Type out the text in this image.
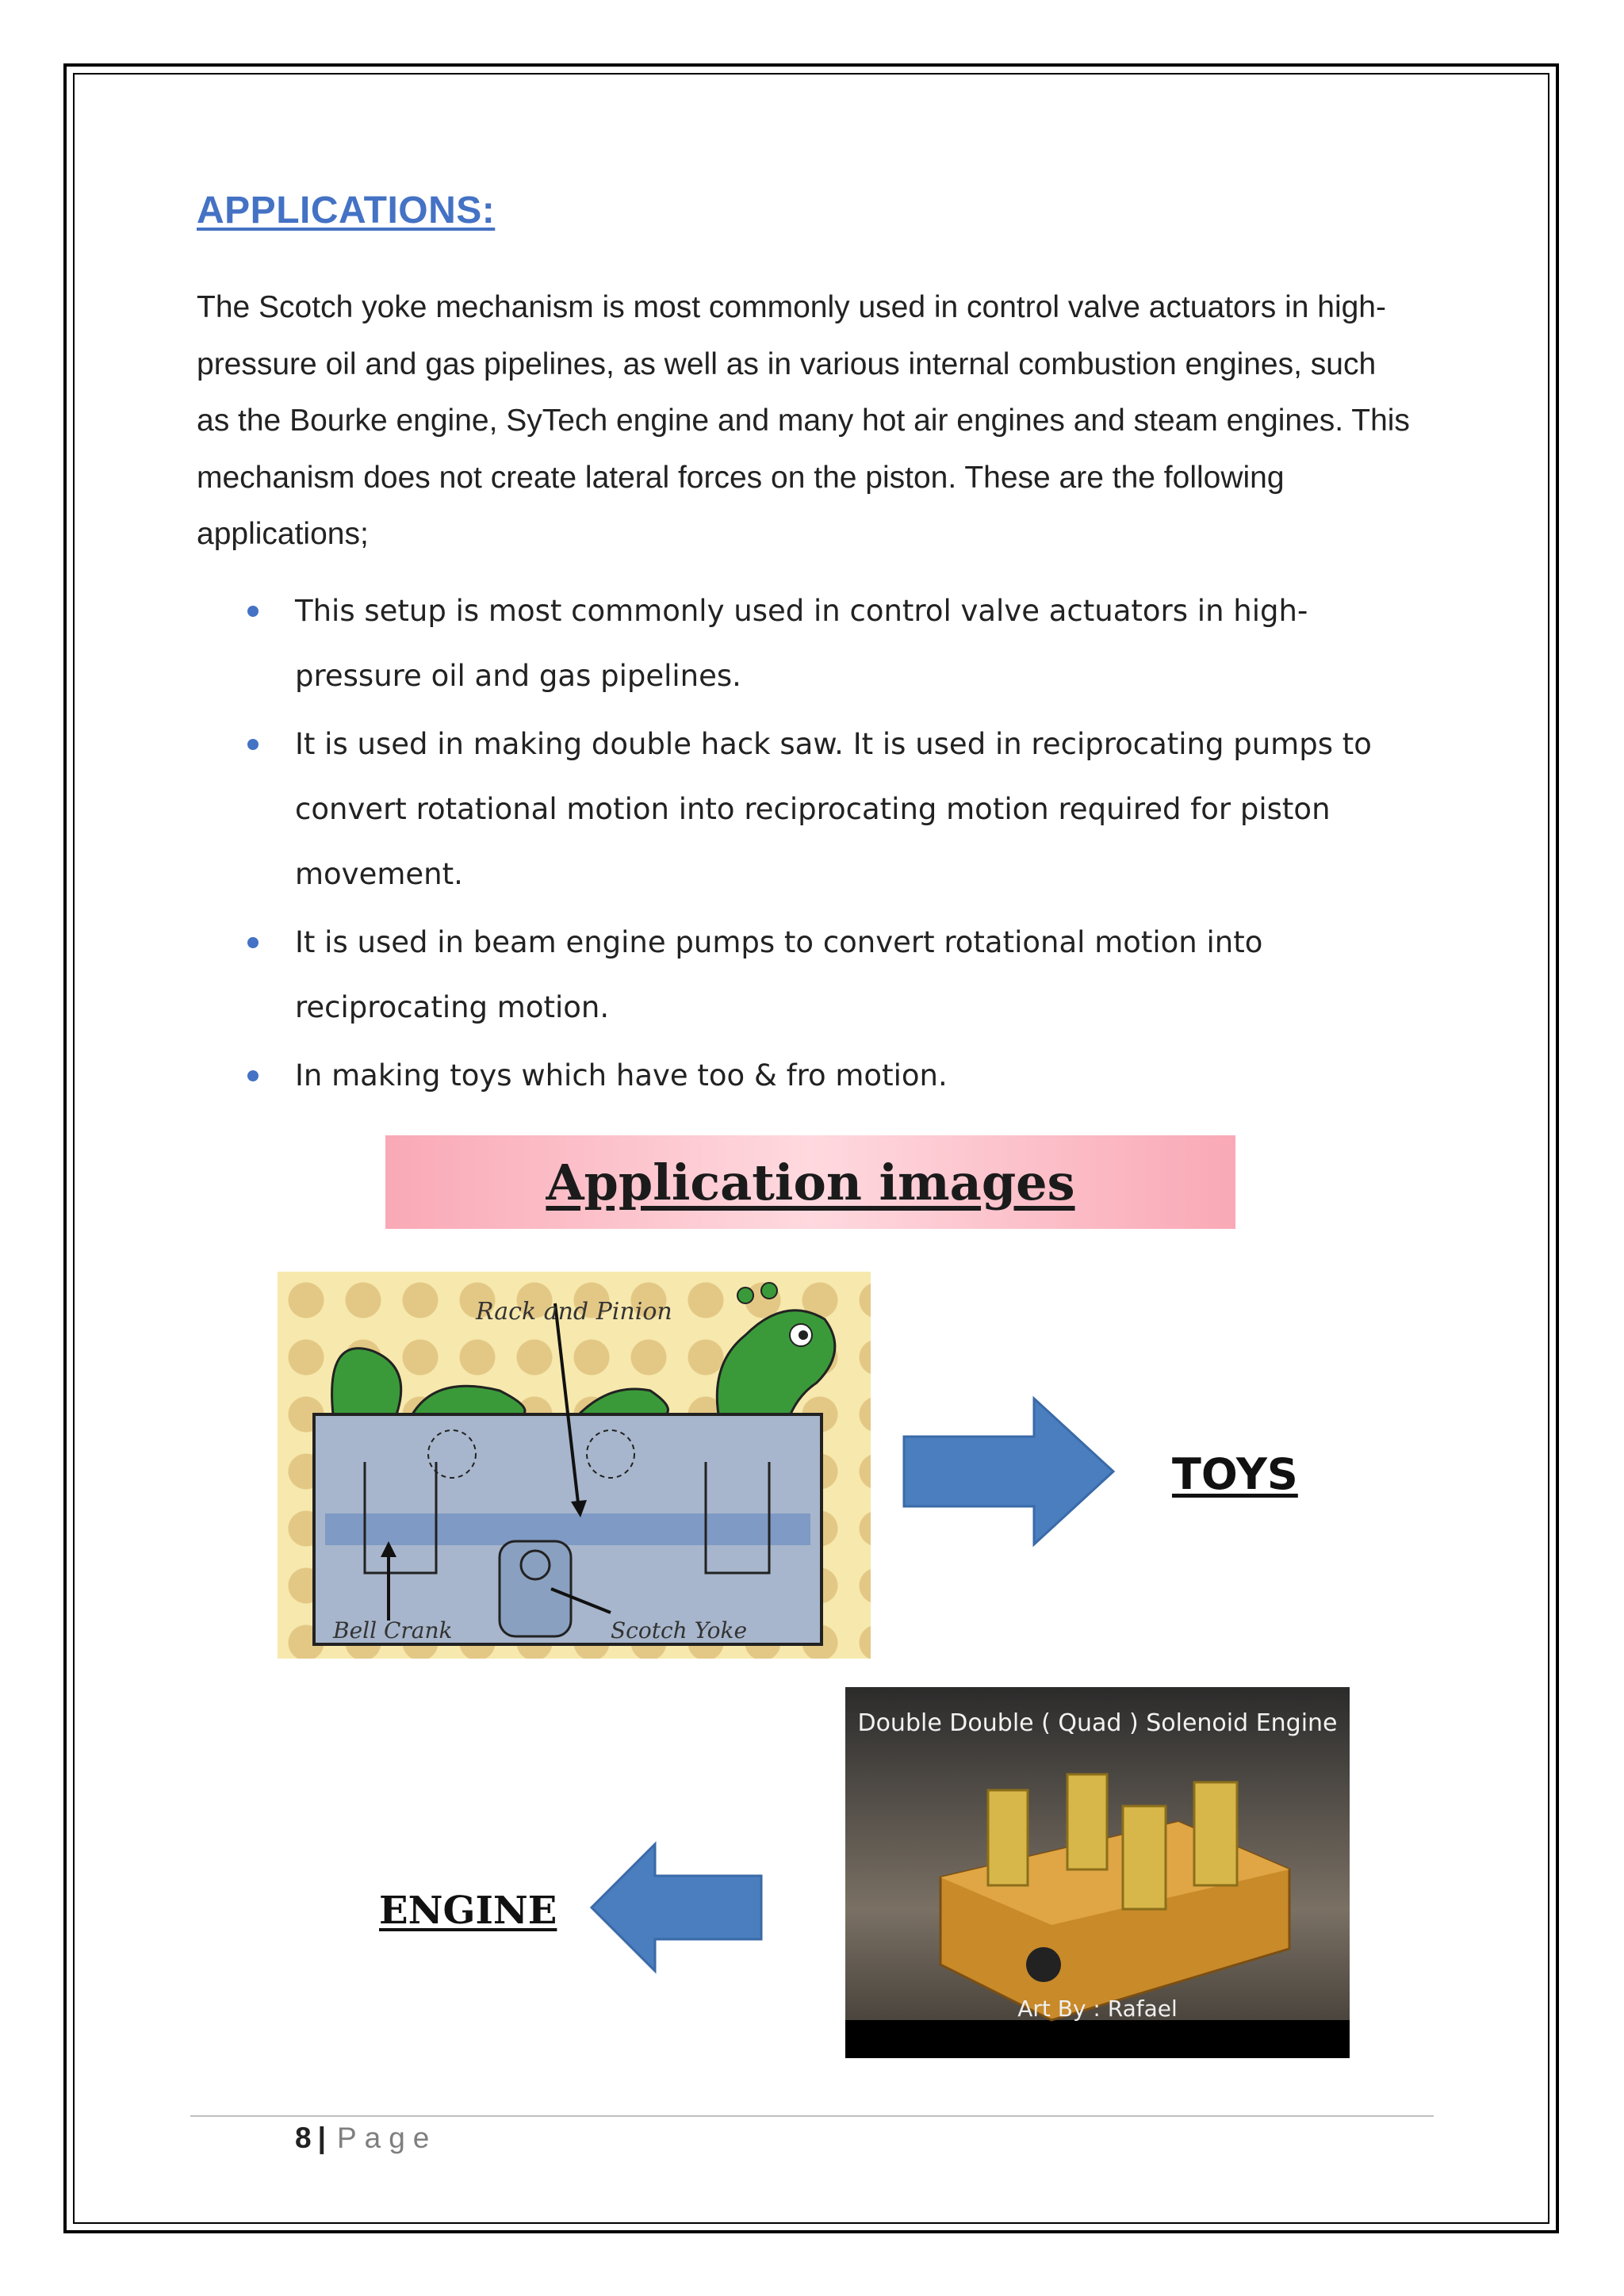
APPLICATIONS:

The Scotch yoke mechanism is most commonly used in control valve actuators in high-pressure oil and gas pipelines, as well as in various internal combustion engines, such as the Bourke engine, SyTech engine and many hot air engines and steam engines. This mechanism does not create lateral forces on the piston. These are the following applications;

This setup is most commonly used in control valve actuators in high-pressure oil and gas pipelines.
It is used in making double hack saw. It is used in reciprocating pumps to convert rotational motion into reciprocating motion required for piston movement.
It is used in beam engine pumps to convert rotational motion into reciprocating motion.
In making toys which have too & fro motion.
Application images
Rack and Pinion
Bell Crank	Scotch Yoke
TOYS
Double Double ( Quad ) Solenoid Engine
Art By : Rafael
ENGINE
8 | Page
